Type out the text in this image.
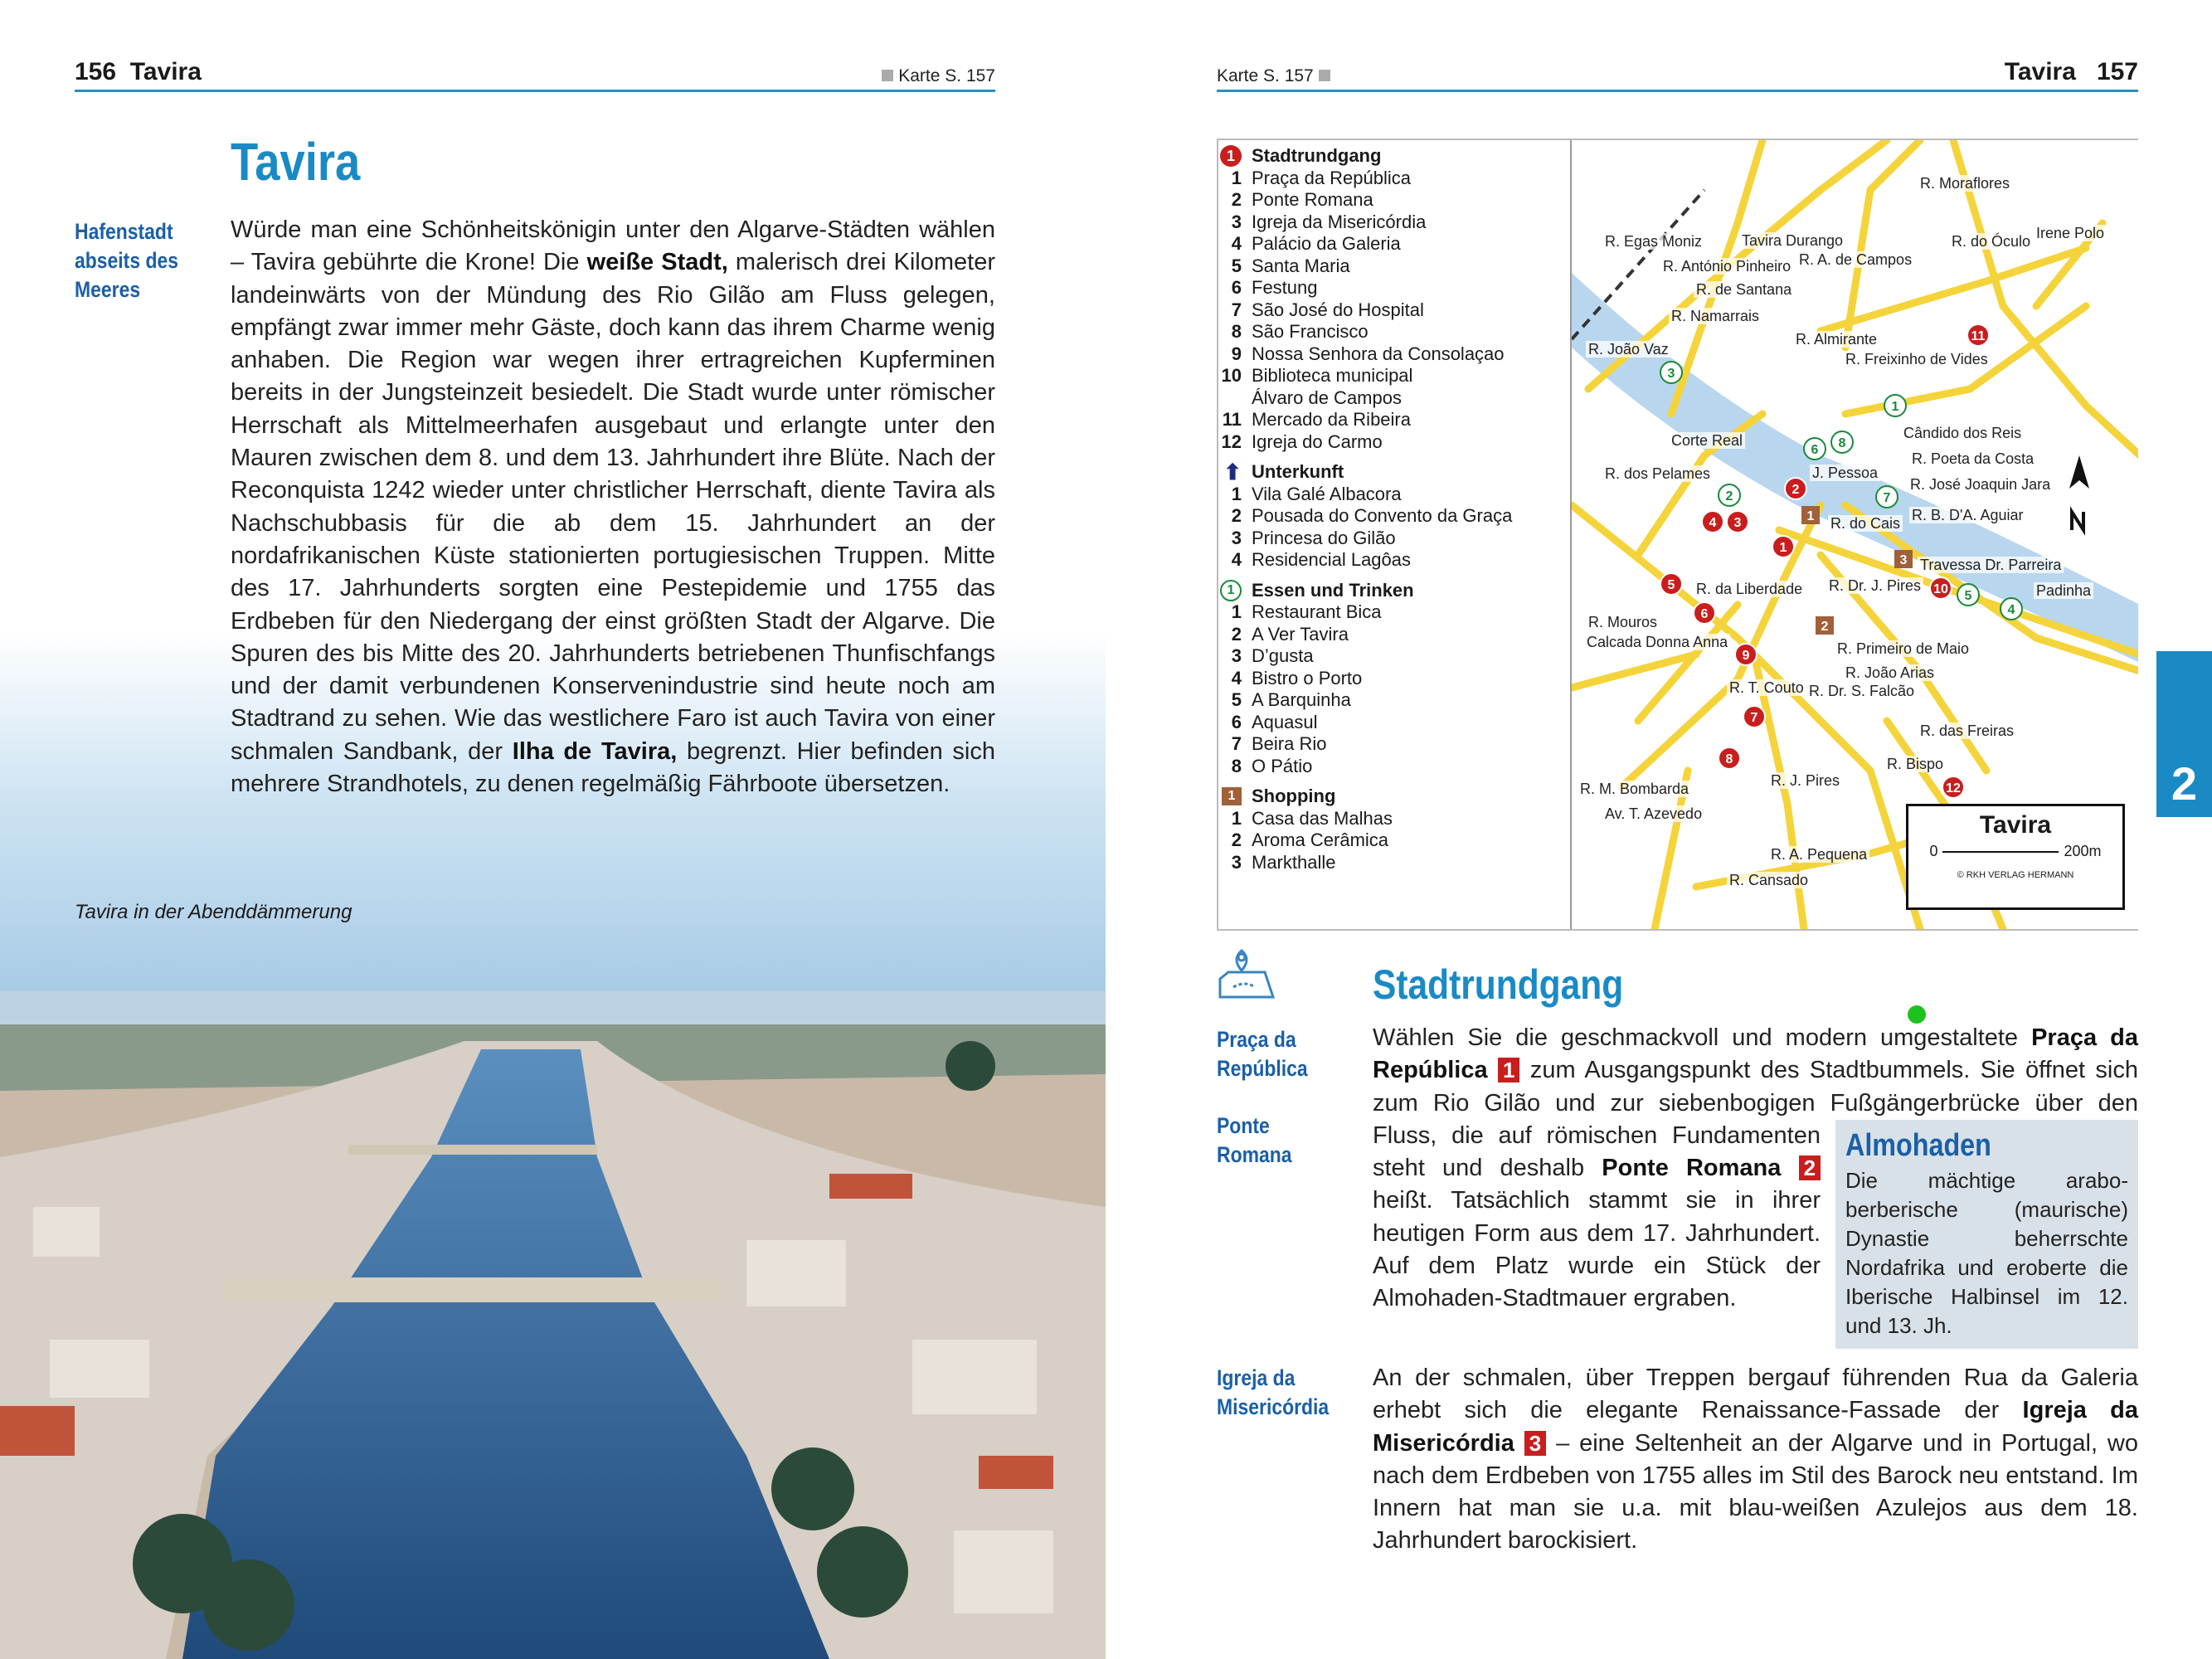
156 Tavira	Karte S. 157
Tavira
Hafenstadt abseits des Meeres
Würde man eine Schönheitskönigin unter den Algarve-Städten wählen – Tavira gebührte die Krone! Die weiße Stadt, malerisch drei Kilometer landeinwärts von der Mündung des Rio Gilão am Fluss gelegen, empfängt zwar immer mehr Gäste, doch kann das ihrem Charme wenig anhaben. Die Region war wegen ihrer ertragreichen Kupferminen bereits in der Jungsteinzeit besiedelt. Die Stadt wurde unter römischer Herrschaft als Mittelmeerhafen ausgebaut und erlangte unter den Mauren zwischen dem 8. und dem 13. Jahrhundert ihre Blüte. Nach der Reconquista 1242 wieder unter christlicher Herrschaft, diente Tavira als Nachschubbasis für die ab dem 15. Jahrhundert an der nordafrikanischen Küste stationierten portugiesischen Truppen. Mitte des 17. Jahrhunderts sorgten eine Pestepidemie und 1755 das Erdbeben für den Niedergang der einst größten Stadt der Algarve. Die Spuren des bis Mitte des 20. Jahrhunderts betriebenen Thunfischfangs und der damit verbundenen Konservenindustrie sind heute noch am Stadtrand zu sehen. Wie das westlichere Faro ist auch Tavira von einer schmalen Sandbank, der Ilha de Tavira, begrenzt. Hier befinden sich mehrere Strandhotels, zu denen regelmäßig Fährboote übersetzen.
Tavira in der Abenddämmerung
Karte S. 157	Tavira 157
1 Stadtrundgang
1 Praça da República
2 Ponte Romana
3 Igreja da Misericórdia
4 Palácio da Galeria
5 Santa Maria
6 Festung
7 São José do Hospital
8 São Francisco
9 Nossa Senhora da Consolaçao
10 Biblioteca municipal
Álvaro de Campos
11 Mercado da Ribeira
12 Igreja do Carmo
⬆ Unterkunft
1 Vila Galé Albacora
2 Pousada do Convento da Graça
3 Princesa do Gilão
4 Residencial Lagôas
1 Essen und Trinken
1 Restaurant Bica
2 A Ver Tavira
3 D’gusta
4 Bistro o Porto
5 A Barquinha
6 Aquasul
7 Beira Rio
8 O Pátio
1 Shopping
1 Casa das Malhas
2 Aroma Cerâmica
3 Markthalle
R. Egas Moniz
R. António Pinheiro
Tavira Durango
R. A. de Campos
R. Moraflores
Irene Polo
R. do Óculo
R. João Vaz
R. Namarrais
R. de Santana
R. Freixinho de Vides
R. Almirante
Corte Real	Cândido dos Reis
R. Poeta da Costa
R. José Joaquin Jara
R. dos Pelames	J. Pessoa
R. B. D'A. Aguiar
R. do Cais
R. Dr. J. Pires
Travessa Dr. Parreira
Padinha
Calcada Donna Anna
R. da Liberdade
R. Primeiro de Maio
R. Mouros
R. João Arias
R. M. Bombarda
Av. T. Azevedo
R. T. Couto R. Dr. S. Falcão
R. das Freiras
R. Bispo
R. J. Pires
R. Cansado
R. A. Pequena
2
4 3
1
5
6
9
7
8
10
11
12
3
6 8
1
2	7
5
4
1
2
3
Tavira
0	200m
© RKH VERLAG HERMANN
2
Stadtrundgang
Praça da República
Ponte Romana
Igreja da Misericórdia
Almohaden
Die mächtige arabo-berberische (maurische) Dynastie beherrschte Nordafrika und eroberte die Iberische Halbinsel im 12. und 13. Jh.
Wählen Sie die geschmackvoll und modern umgestaltete Praça da República 1 zum Ausgangspunkt des Stadtbummels. Sie öffnet sich zum Rio Gilão und zur siebenbogigen Fußgängerbrücke über den Fluss, die auf römischen Fundamenten steht und deshalb Ponte Romana 2 heißt. Tatsächlich stammt sie in ihrer heutigen Form aus dem 17. Jahrhundert. Auf dem Platz wurde ein Stück der Almohaden-Stadtmauer ergraben.
An der schmalen, über Treppen bergauf führenden Rua da Galeria erhebt sich die elegante Renaissance-Fassade der Igreja da Misericórdia 3 – eine Seltenheit an der Algarve und in Portugal, wo nach dem Erdbeben von 1755 alles im Stil des Barock neu entstand. Im Innern hat man sie u.a. mit blau-weißen Azulejos aus dem 18. Jahrhundert barockisiert.
